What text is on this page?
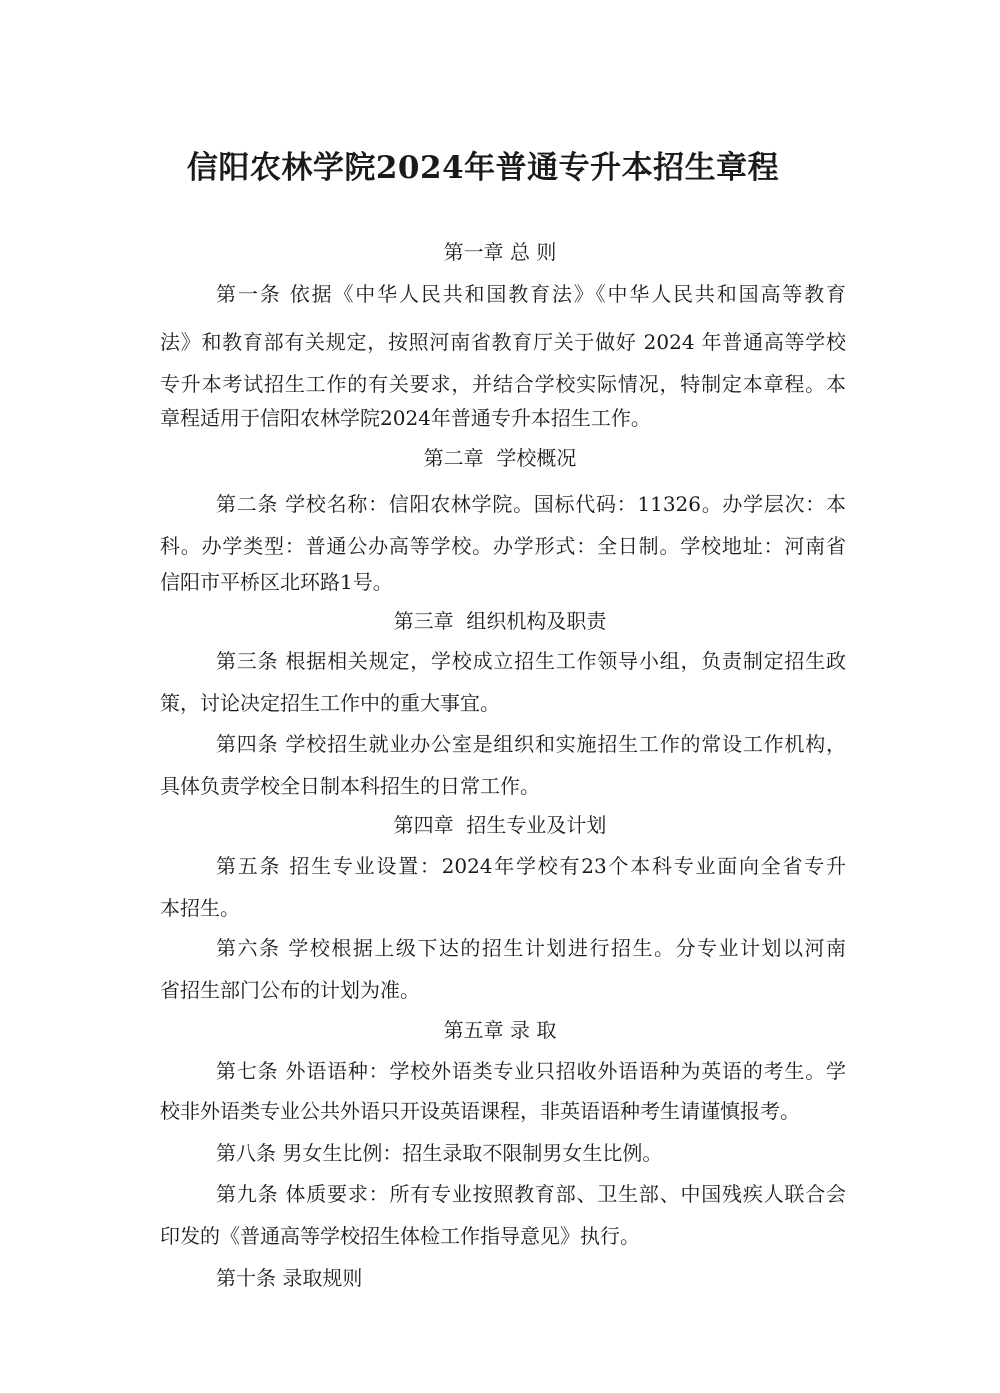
信阳农林学院2024年普通专升本招生章程
第一章 总 则
第一条 依据《中华人民共和国教育法》《中华人民共和国高等教育
法》和教育部有关规定，按照河南省教育厅关于做好 2024 年普通高等学校
专升本考试招生工作的有关要求，并结合学校实际情况，特制定本章程。本
章程适用于信阳农林学院2024年普通专升本招生工作。
第二章  学校概况
第二条 学校名称：信阳农林学院。国标代码：11326。办学层次：本
科。办学类型：普通公办高等学校。办学形式：全日制。学校地址：河南省
信阳市平桥区北环路1号。
第三章  组织机构及职责
第三条 根据相关规定，学校成立招生工作领导小组，负责制定招生政
策，讨论决定招生工作中的重大事宜。
第四条 学校招生就业办公室是组织和实施招生工作的常设工作机构，
具体负责学校全日制本科招生的日常工作。
第四章  招生专业及计划
第五条 招生专业设置：2024年学校有23个本科专业面向全省专升
本招生。
第六条 学校根据上级下达的招生计划进行招生。分专业计划以河南
省招生部门公布的计划为准。
第五章 录 取
第七条 外语语种：学校外语类专业只招收外语语种为英语的考生。学
校非外语类专业公共外语只开设英语课程，非英语语种考生请谨慎报考。
第八条 男女生比例：招生录取不限制男女生比例。
第九条 体质要求：所有专业按照教育部、卫生部、中国残疾人联合会
印发的《普通高等学校招生体检工作指导意见》执行。
第十条 录取规则
